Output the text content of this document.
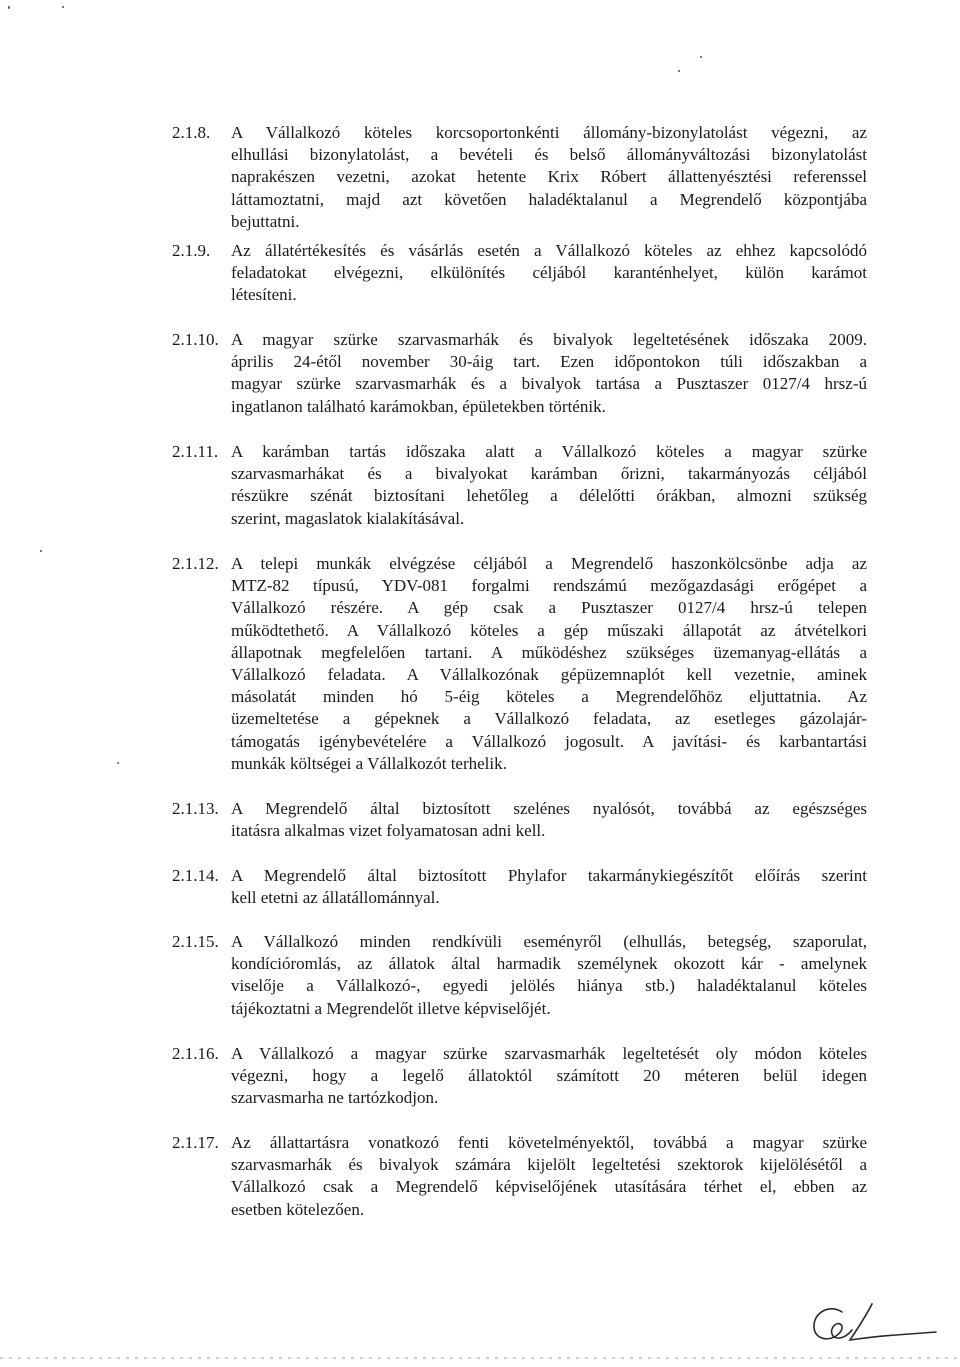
2.1.8. A Vállalkozó köteles korcsoportonkénti állomány-bizonylatolást végezni, az
elhullási bizonylatolást, a bevételi és belső állományváltozási bizonylatolást
naprakészen vezetni, azokat hetente Krix Róbert állattenyésztési referenssel
láttamoztatni, majd azt követően haladéktalanul a Megrendelő központjába
bejuttatni.
2.1.9. Az állatértékesítés és vásárlás esetén a Vállalkozó köteles az ehhez kapcsolódó
feladatokat elvégezni, elkülönítés céljából karanténhelyet, külön karámot
létesíteni.
2.1.10. A magyar szürke szarvasmarhák és bivalyok legeltetésének időszaka 2009.
április 24-étől november 30-áig tart. Ezen időpontokon túli időszakban a
magyar szürke szarvasmarhák és a bivalyok tartása a Pusztaszer 0127/4 hrsz-ú
ingatlanon található karámokban, épületekben történik.
2.1.11. A karámban tartás időszaka alatt a Vállalkozó köteles a magyar szürke
szarvasmarhákat és a bivalyokat karámban őrizni, takarmányozás céljából
részükre szénát biztosítani lehetőleg a délelőtti órákban, almozni szükség
szerint, magaslatok kialakításával.
2.1.12. A telepi munkák elvégzése céljából a Megrendelő haszonkölcsönbe adja az
MTZ-82 típusú, YDV-081 forgalmi rendszámú mezőgazdasági erőgépet a
Vállalkozó részére. A gép csak a Pusztaszer 0127/4 hrsz-ú telepen
működtethető. A Vállalkozó köteles a gép műszaki állapotát az átvételkori
állapotnak megfelelően tartani. A működéshez szükséges üzemanyag-ellátás a
Vállalkozó feladata. A Vállalkozónak gépüzemnaplót kell vezetnie, aminek
másolatát minden hó 5-éig köteles a Megrendelőhöz eljuttatnia. Az
üzemeltetése a gépeknek a Vállalkozó feladata, az esetleges gázolajár-
támogatás igénybevételére a Vállalkozó jogosult. A javítási- és karbantartási
munkák költségei a Vállalkozót terhelik.
2.1.13. A Megrendelő által biztosított szelénes nyalósót, továbbá az egészséges
itatásra alkalmas vizet folyamatosan adni kell.
2.1.14. A Megrendelő által biztosított Phylafor takarmánykiegészítőt előírás szerint
kell etetni az állatállománnyal.
2.1.15. A Vállalkozó minden rendkívüli eseményről (elhullás, betegség, szaporulat,
kondícióromlás, az állatok által harmadik személynek okozott kár - amelynek
viselője a Vállalkozó-, egyedi jelölés hiánya stb.) haladéktalanul köteles
tájékoztatni a Megrendelőt illetve képviselőjét.
2.1.16. A Vállalkozó a magyar szürke szarvasmarhák legeltetését oly módon köteles
végezni, hogy a legelő állatoktól számított 20 méteren belül idegen
szarvasmarha ne tartózkodjon.
2.1.17. Az állattartásra vonatkozó fenti követelményektől, továbbá a magyar szürke
szarvasmarhák és bivalyok számára kijelölt legeltetési szektorok kijelölésétől a
Vállalkozó csak a Megrendelő képviselőjének utasítására térhet el, ebben az
esetben kötelezően.
